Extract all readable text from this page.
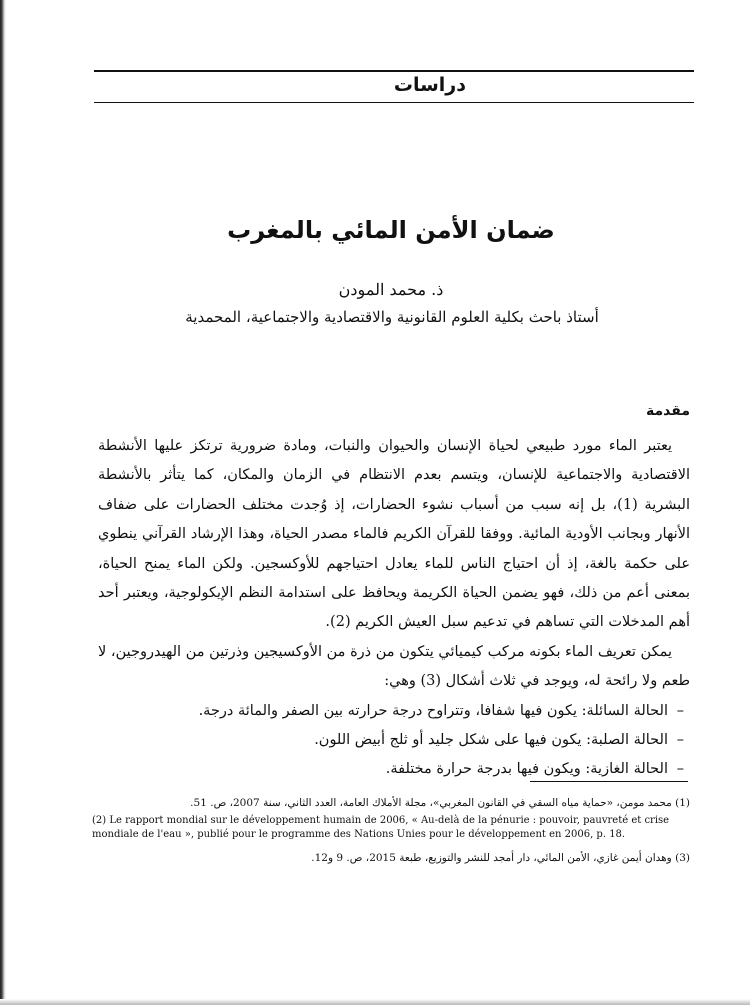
دراسات
ضمان الأمن المائي بالمغرب
ذ. محمد المودن
أستاذ باحث بكلية العلوم القانونية والاقتصادية والاجتماعية، المحمدية
مقدمة

يعتبر الماء مورد طبيعي لحياة الإنسان والحيوان والنبات، ومادة ضرورية ترتكز عليها الأنشطة الاقتصادية والاجتماعية للإنسان، ويتسم بعدم الانتظام في الزمان والمكان، كما يتأثر بالأنشطة البشرية (1)، بل إنه سبب من أسباب نشوء الحضارات، إذ وُجدت مختلف الحضارات على ضفاف الأنهار وبجانب الأودية المائية. ووفقا للقرآن الكريم فالماء مصدر الحياة، وهذا الإرشاد القرآني ينطوي على حكمة بالغة، إذ أن احتياج الناس للماء يعادل احتياجهم للأوكسجين. ولكن الماء يمنح الحياة، بمعنى أعم من ذلك، فهو يضمن الحياة الكريمة ويحافظ على استدامة النظم الإيكولوجية، ويعتبر أحد أهم المدخلات التي تساهم في تدعيم سبل العيش الكريم (2).

يمكن تعريف الماء بكونه مركب كيميائي يتكون من ذرة من الأوكسيجين وذرتين من الهيدروجين، لا طعم ولا رائحة له، ويوجد في ثلاث أشكال (3) وهي:

–
الحالة السائلة: يكون فيها شفافا، وتتراوح درجة حرارته بين الصفر والمائة درجة.
–
الحالة الصلبة: يكون فيها على شكل جليد أو ثلج أبيض اللون.
–
الحالة الغازية: ويكون فيها بدرجة حرارة مختلفة.
(1) محمد مومن، «حماية مياه السقي في القانون المغربي»، مجلة الأملاك العامة، العدد الثاني، سنة 2007، ص. 51.
(2) Le rapport mondial sur le développement humain de 2006, « Au-delà de la pénurie : pouvoir, pauvreté et crise mondiale de l'eau », publié pour le programme des Nations Unies pour le développement en 2006, p. 18.
(3) وهدان أيمن غازي، الأمن المائي، دار أمجد للنشر والتوزيع، طبعة 2015، ص. 9 و12.
